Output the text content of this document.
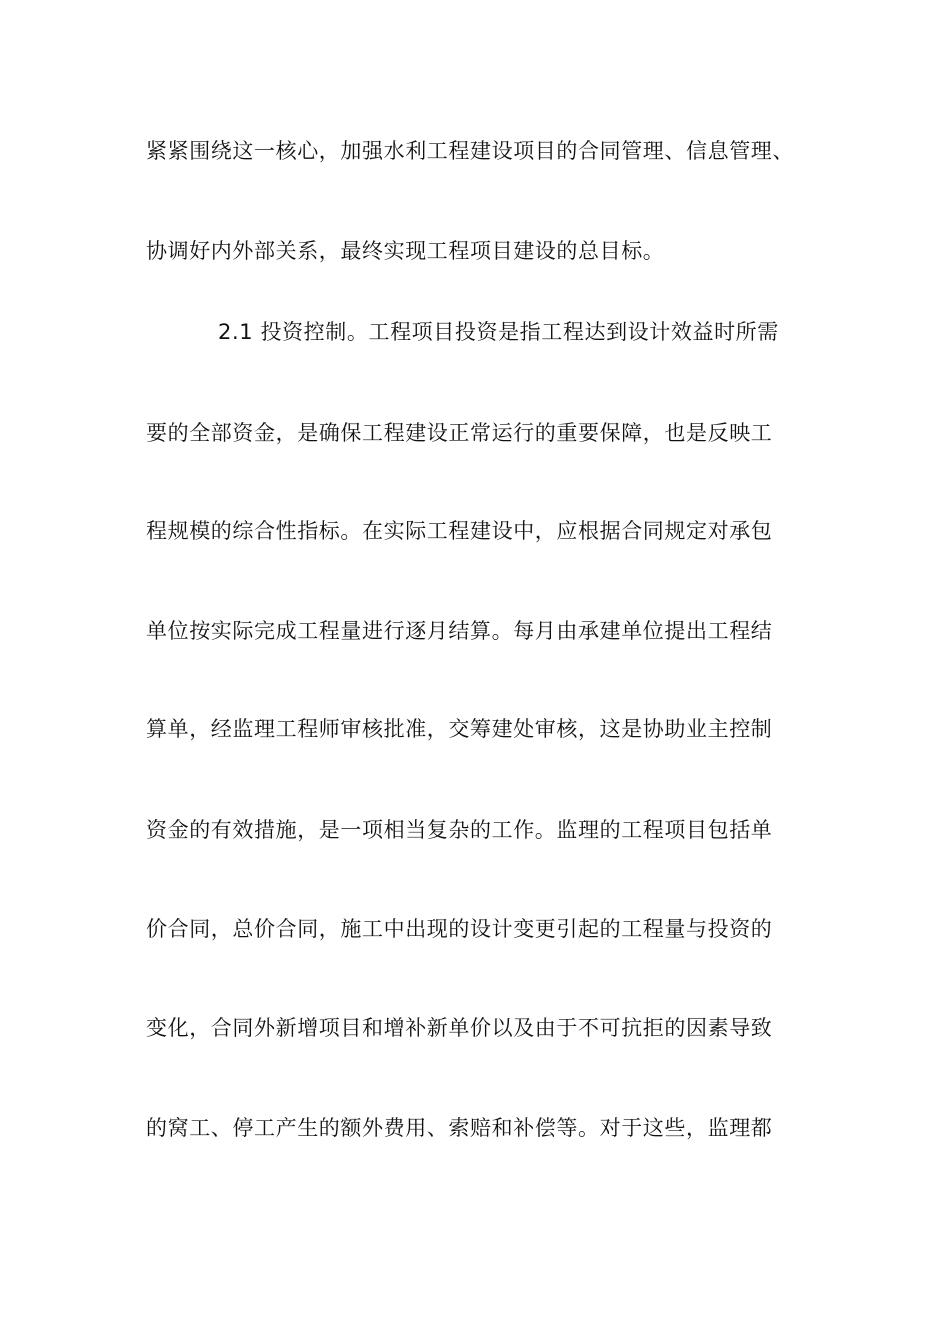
紧紧围绕这一核心，加强水利工程建设项目的合同管理、信息管理、
协调好内外部关系，最终实现工程项目建设的总目标。
2.1 投资控制。工程项目投资是指工程达到设计效益时所需
要的全部资金，是确保工程建设正常运行的重要保障，也是反映工
程规模的综合性指标。在实际工程建设中，应根据合同规定对承包
单位按实际完成工程量进行逐月结算。每月由承建单位提出工程结
算单，经监理工程师审核批准，交筹建处审核，这是协助业主控制
资金的有效措施，是一项相当复杂的工作。监理的工程项目包括单
价合同，总价合同，施工中出现的设计变更引起的工程量与投资的
变化，合同外新增项目和增补新单价以及由于不可抗拒的因素导致
的窝工、停工产生的额外费用、索赔和补偿等。对于这些，监理都
